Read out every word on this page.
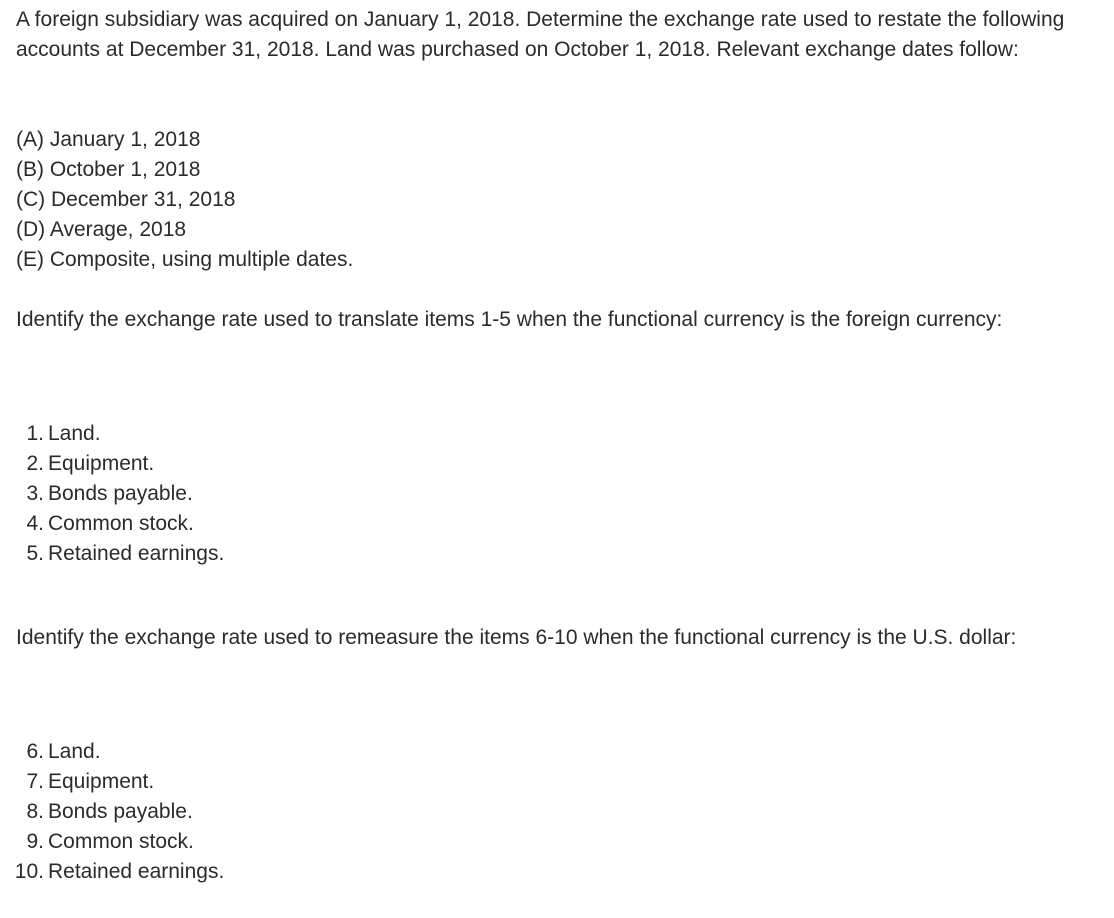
A foreign subsidiary was acquired on January 1, 2018. Determine the exchange rate used to restate the following accounts at December 31, 2018. Land was purchased on October 1, 2018. Relevant exchange dates follow:

(A) January 1, 2018
(B) October 1, 2018
(C) December 31, 2018
(D) Average, 2018
(E) Composite, using multiple dates.

Identify the exchange rate used to translate items 1-5 when the functional currency is the foreign currency:

1. Land.
2. Equipment.
3. Bonds payable.
4. Common stock.
5. Retained earnings.

Identify the exchange rate used to remeasure the items 6-10 when the functional currency is the U.S. dollar:

6. Land.
7. Equipment.
8. Bonds payable.
9. Common stock.
10. Retained earnings.
